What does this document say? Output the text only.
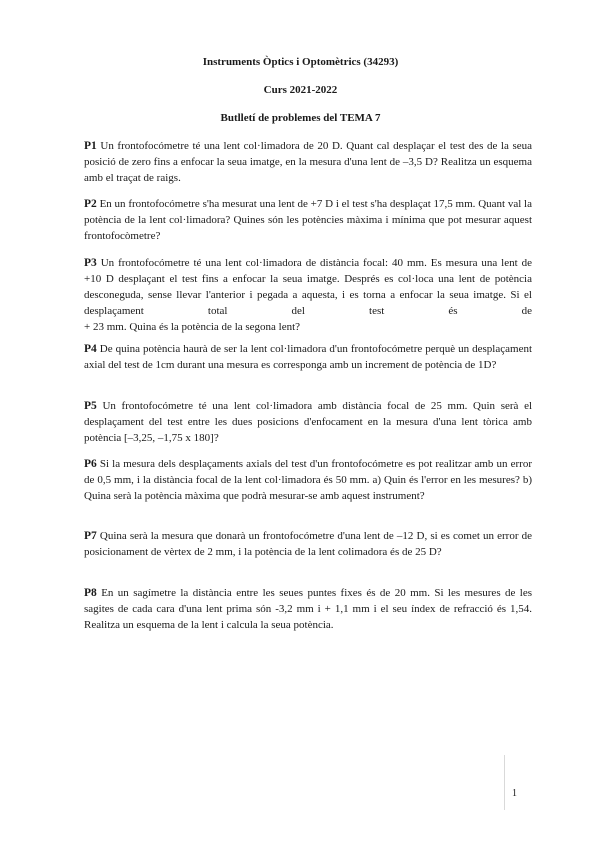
Instruments Òptics i Optomètrics (34293)
Curs 2021-2022
Butlletí de problemes del TEMA 7
P1 Un frontofocómetre té una lent col·limadora de 20 D. Quant cal desplaçar el test des de la seua posició de zero fins a enfocar la seua imatge, en la mesura d'una lent de –3,5 D? Realitza un esquema amb el traçat de raigs.
P2 En un frontofocómetre s'ha mesurat una lent de +7 D i el test s'ha desplaçat 17,5 mm. Quant val la potència de la lent col·limadora? Quines són les potències màxima i mínima que pot mesurar aquest frontofocòmetre?
P3 Un frontofocómetre té una lent col·limadora de distància focal: 40 mm. Es mesura una lent de +10 D desplaçant el test fins a enfocar la seua imatge. Després es col·loca una lent de potència desconeguda, sense llevar l'anterior i pegada a aquesta, i es torna a enfocar la seua imatge. Si el desplaçament total del test és de
+ 23 mm. Quina és la potència de la segona lent?
P4 De quina potència haurà de ser la lent col·limadora d'un frontofocómetre perquè un desplaçament axial del test de 1cm durant una mesura es corresponga amb un increment de potència de 1D?
P5 Un frontofocómetre té una lent col·limadora amb distància focal de 25 mm. Quin serà el desplaçament del test entre les dues posicions d'enfocament en la mesura d'una lent tòrica amb potència [–3,25, –1,75 x 180]?
P6 Si la mesura dels desplaçaments axials del test d'un frontofocómetre es pot realitzar amb un error de 0,5 mm, i la distància focal de la lent col·limadora és 50 mm. a) Quin és l'error en les mesures? b) Quina serà la potència màxima que podrà mesurar-se amb aquest instrument?
P7 Quina serà la mesura que donarà un frontofocómetre d'una lent de –12 D, si es comet un error de posicionament de vèrtex de 2 mm, i la potència de la lent colimadora és de 25 D?
P8 En un sagímetre la distància entre les seues puntes fixes és de 20 mm. Si les mesures de les sagites de cada cara d'una lent prima són -3,2 mm i + 1,1 mm i el seu índex de refracció és 1,54. Realitza un esquema de la lent i calcula la seua potència.
1
